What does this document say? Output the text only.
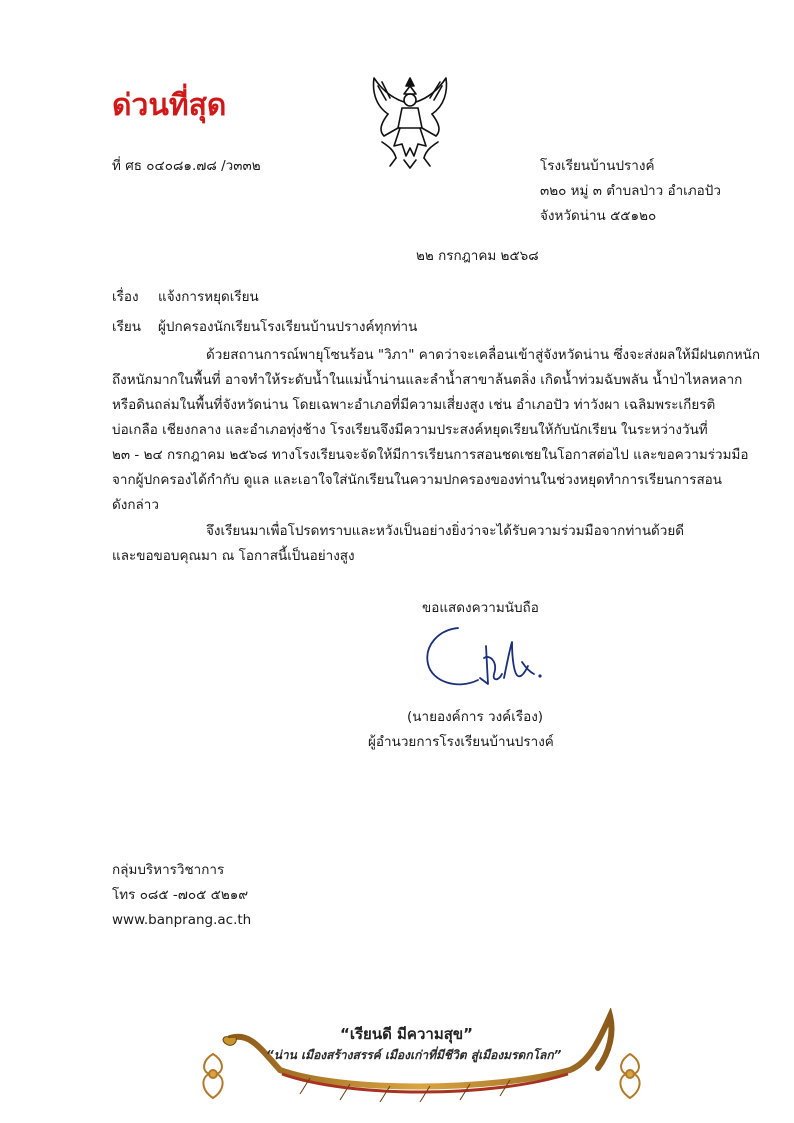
ด่วนที่สุด
ที่ ศธ ๐๔๐๘๑.๗๘ /ว๓๓๒	โรงเรียนบ้านปรางค์
๓๒๐ หมู่ ๓ ตำบลป่าว อำเภอปัว
จังหวัดน่าน ๕๕๑๒๐
๒๒ กรกฎาคม ๒๕๖๘
เรื่อง แจ้งการหยุดเรียน
เรียน ผู้ปกครองนักเรียนโรงเรียนบ้านปรางค์ทุกท่าน
ด้วยสถานการณ์พายุโซนร้อน "วิภา" คาดว่าจะเคลื่อนเข้าสู่จังหวัดน่าน ซึ่งจะส่งผลให้มีฝนตกหนัก
ถึงหนักมากในพื้นที่ อาจทำให้ระดับน้ำในแม่น้ำน่านและลำน้ำสาขาล้นตลิ่ง เกิดน้ำท่วมฉับพลัน น้ำป่าไหลหลาก
หรือดินถล่มในพื้นที่จังหวัดน่าน โดยเฉพาะอำเภอที่มีความเสี่ยงสูง เช่น อำเภอปัว ท่าวังผา เฉลิมพระเกียรติ
บ่อเกลือ เชียงกลาง และอำเภอทุ่งช้าง โรงเรียนจึงมีความประสงค์หยุดเรียนให้กับนักเรียน ในระหว่างวันที่
๒๓ - ๒๔ กรกฎาคม ๒๕๖๘ ทางโรงเรียนจะจัดให้มีการเรียนการสอนชดเชยในโอกาสต่อไป และขอความร่วมมือ
จากผู้ปกครองได้กำกับ ดูแล และเอาใจใส่นักเรียนในความปกครองของท่านในช่วงหยุดทำการเรียนการสอน
ดังกล่าว
จึงเรียนมาเพื่อโปรดทราบและหวังเป็นอย่างยิ่งว่าจะได้รับความร่วมมือจากท่านด้วยดี
และขอขอบคุณมา ณ โอกาสนี้เป็นอย่างสูง
ขอแสดงความนับถือ
(นายองค์การ วงค์เรือง)
ผู้อำนวยการโรงเรียนบ้านปรางค์
กลุ่มบริหารวิชาการ
โทร ๐๘๕ -๗๐๕ ๕๒๑๙
www.banprang.ac.th
“เรียนดี มีความสุข”
“น่าน เมืองสร้างสรรค์ เมืองเก่าที่มีชีวิต สู่เมืองมรดกโลก”
